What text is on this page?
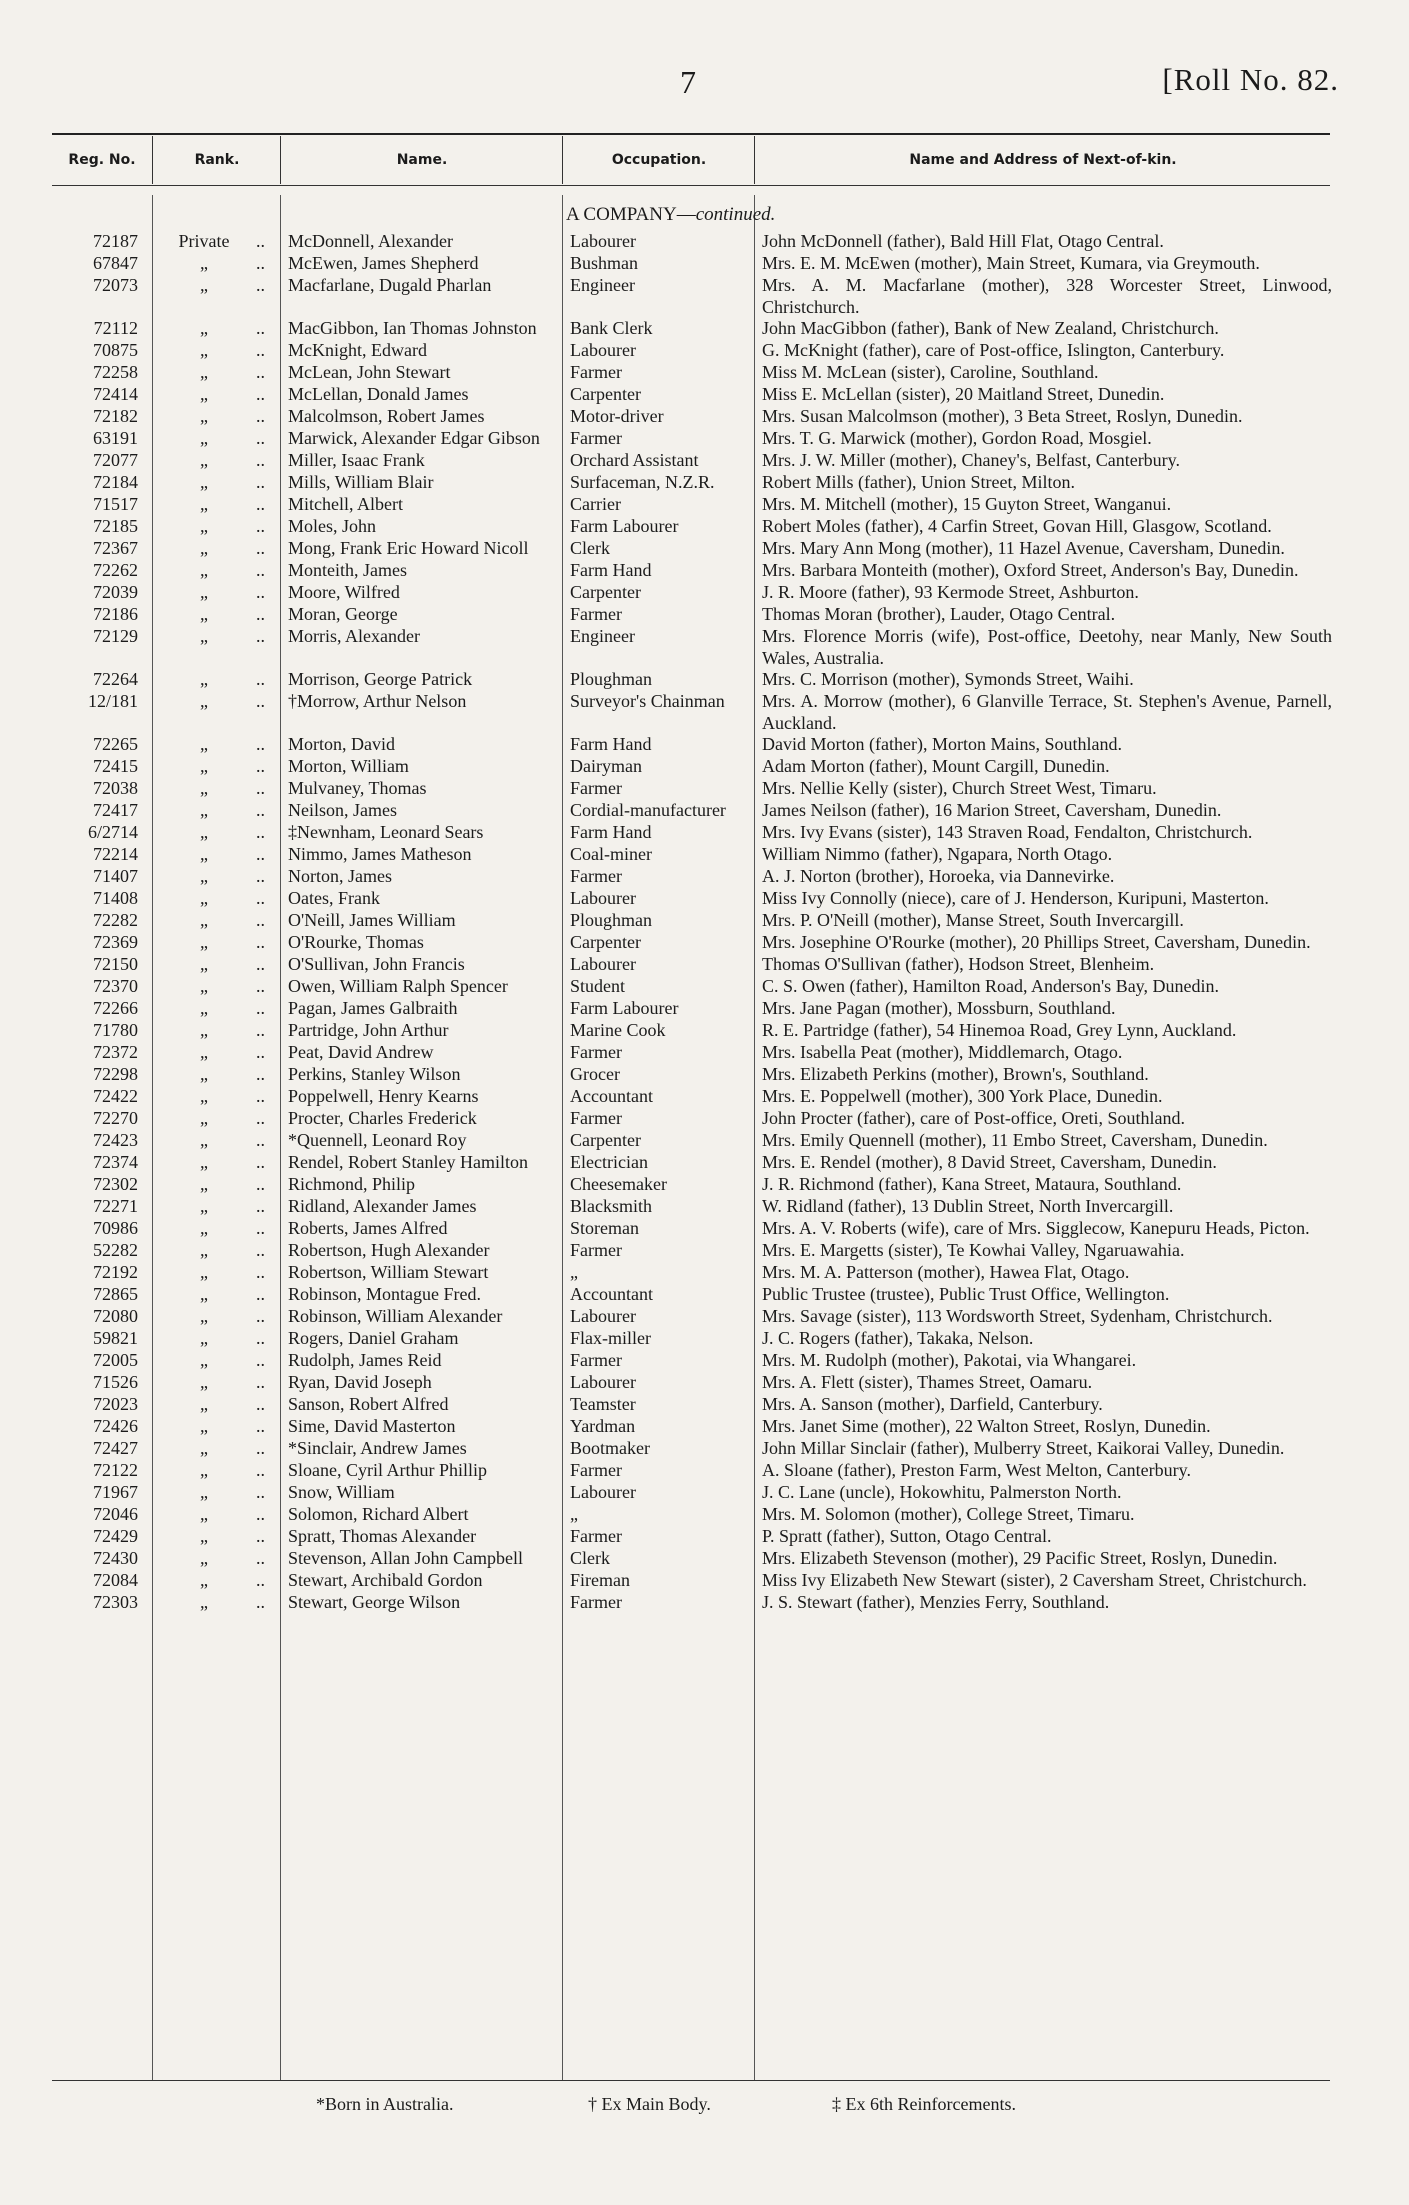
7	[Roll No. 82.
Reg. No.	Rank.	Name.	Occupation.	Name and Address of Next-of-kin.
A COMPANY—continued.
72187	Private ..	McDonnell, Alexander	Labourer	John McDonnell (father), Bald Hill Flat, Otago Central.
67847	„	..	McEwen, James Shepherd	Bushman	Mrs. E. M. McEwen (mother), Main Street, Kumara, via Greymouth.
72073	„	..	Macfarlane, Dugald Pharlan	Engineer	Mrs. A. M. Macfarlane (mother), 328 Worcester Street, Linwood, Christchurch.
72112	„	..	MacGibbon, Ian Thomas Johnston	Bank Clerk	John MacGibbon (father), Bank of New Zealand, Christchurch.
70875	„	..	McKnight, Edward	Labourer	G. McKnight (father), care of Post-office, Islington, Canterbury.
72258	„	..	McLean, John Stewart	Farmer	Miss M. McLean (sister), Caroline, Southland.
72414	„	..	McLellan, Donald James	Carpenter	Miss E. McLellan (sister), 20 Maitland Street, Dunedin.
72182	„	..	Malcolmson, Robert James	Motor-driver	Mrs. Susan Malcolmson (mother), 3 Beta Street, Roslyn, Dunedin.
63191	„	..	Marwick, Alexander Edgar Gibson	Farmer	Mrs. T. G. Marwick (mother), Gordon Road, Mosgiel.
72077	„	..	Miller, Isaac Frank	Orchard Assistant	Mrs. J. W. Miller (mother), Chaney's, Belfast, Canterbury.
72184	„	..	Mills, William Blair	Surfaceman, N.Z.R.	Robert Mills (father), Union Street, Milton.
71517	„	..	Mitchell, Albert	Carrier	Mrs. M. Mitchell (mother), 15 Guyton Street, Wanganui.
72185	„	..	Moles, John	Farm Labourer	Robert Moles (father), 4 Carfin Street, Govan Hill, Glasgow, Scotland.
72367	„	..	Mong, Frank Eric Howard Nicoll	Clerk	Mrs. Mary Ann Mong (mother), 11 Hazel Avenue, Caversham, Dunedin.
72262	„	..	Monteith, James	Farm Hand	Mrs. Barbara Monteith (mother), Oxford Street, Anderson's Bay, Dunedin.
72039	„	..	Moore, Wilfred	Carpenter	J. R. Moore (father), 93 Kermode Street, Ashburton.
72186	„	..	Moran, George	Farmer	Thomas Moran (brother), Lauder, Otago Central.
72129	„	..	Morris, Alexander	Engineer	Mrs. Florence Morris (wife), Post-office, Deetohy, near Manly, New South Wales, Australia.
72264	„	..	Morrison, George Patrick	Ploughman	Mrs. C. Morrison (mother), Symonds Street, Waihi.
12/181	„	..	†Morrow, Arthur Nelson	Surveyor's Chainman	Mrs. A. Morrow (mother), 6 Glanville Terrace, St. Stephen's Avenue, Parnell, Auckland.
72265	„	..	Morton, David	Farm Hand	David Morton (father), Morton Mains, Southland.
72415	„	..	Morton, William	Dairyman	Adam Morton (father), Mount Cargill, Dunedin.
72038	„	..	Mulvaney, Thomas	Farmer	Mrs. Nellie Kelly (sister), Church Street West, Timaru.
72417	„	..	Neilson, James	Cordial-manufacturer	James Neilson (father), 16 Marion Street, Caversham, Dunedin.
6/2714	„	..	‡Newnham, Leonard Sears	Farm Hand	Mrs. Ivy Evans (sister), 143 Straven Road, Fendalton, Christchurch.
72214	„	..	Nimmo, James Matheson	Coal-miner	William Nimmo (father), Ngapara, North Otago.
71407	„	..	Norton, James	Farmer	A. J. Norton (brother), Horoeka, via Dannevirke.
71408	„	..	Oates, Frank	Labourer	Miss Ivy Connolly (niece), care of J. Henderson, Kuripuni, Masterton.
72282	„	..	O'Neill, James William	Ploughman	Mrs. P. O'Neill (mother), Manse Street, South Invercargill.
72369	„	..	O'Rourke, Thomas	Carpenter	Mrs. Josephine O'Rourke (mother), 20 Phillips Street, Caversham, Dunedin.
72150	„	..	O'Sullivan, John Francis	Labourer	Thomas O'Sullivan (father), Hodson Street, Blenheim.
72370	„	..	Owen, William Ralph Spencer	Student	C. S. Owen (father), Hamilton Road, Anderson's Bay, Dunedin.
72266	„	..	Pagan, James Galbraith	Farm Labourer	Mrs. Jane Pagan (mother), Mossburn, Southland.
71780	„	..	Partridge, John Arthur	Marine Cook	R. E. Partridge (father), 54 Hinemoa Road, Grey Lynn, Auckland.
72372	„	..	Peat, David Andrew	Farmer	Mrs. Isabella Peat (mother), Middlemarch, Otago.
72298	„	..	Perkins, Stanley Wilson	Grocer	Mrs. Elizabeth Perkins (mother), Brown's, Southland.
72422	„	..	Poppelwell, Henry Kearns	Accountant	Mrs. E. Poppelwell (mother), 300 York Place, Dunedin.
72270	„	..	Procter, Charles Frederick	Farmer	John Procter (father), care of Post-office, Oreti, Southland.
72423	„	..	*Quennell, Leonard Roy	Carpenter	Mrs. Emily Quennell (mother), 11 Embo Street, Caversham, Dunedin.
72374	„	..	Rendel, Robert Stanley Hamilton	Electrician	Mrs. E. Rendel (mother), 8 David Street, Caversham, Dunedin.
72302	„	..	Richmond, Philip	Cheesemaker	J. R. Richmond (father), Kana Street, Mataura, Southland.
72271	„	..	Ridland, Alexander James	Blacksmith	W. Ridland (father), 13 Dublin Street, North Invercargill.
70986	„	..	Roberts, James Alfred	Storeman	Mrs. A. V. Roberts (wife), care of Mrs. Sigglecow, Kanepuru Heads, Picton.
52282	„	..	Robertson, Hugh Alexander	Farmer	Mrs. E. Margetts (sister), Te Kowhai Valley, Ngaruawahia.
72192	„	..	Robertson, William Stewart	„	Mrs. M. A. Patterson (mother), Hawea Flat, Otago.
72865	„	..	Robinson, Montague Fred.	Accountant	Public Trustee (trustee), Public Trust Office, Wellington.
72080	„	..	Robinson, William Alexander	Labourer	Mrs. Savage (sister), 113 Wordsworth Street, Sydenham, Christchurch.
59821	„	..	Rogers, Daniel Graham	Flax-miller	J. C. Rogers (father), Takaka, Nelson.
72005	„	..	Rudolph, James Reid	Farmer	Mrs. M. Rudolph (mother), Pakotai, via Whangarei.
71526	„	..	Ryan, David Joseph	Labourer	Mrs. A. Flett (sister), Thames Street, Oamaru.
72023	„	..	Sanson, Robert Alfred	Teamster	Mrs. A. Sanson (mother), Darfield, Canterbury.
72426	„	..	Sime, David Masterton	Yardman	Mrs. Janet Sime (mother), 22 Walton Street, Roslyn, Dunedin.
72427	„	..	*Sinclair, Andrew James	Bootmaker	John Millar Sinclair (father), Mulberry Street, Kaikorai Valley, Dunedin.
72122	„	..	Sloane, Cyril Arthur Phillip	Farmer	A. Sloane (father), Preston Farm, West Melton, Canterbury.
71967	„	..	Snow, William	Labourer	J. C. Lane (uncle), Hokowhitu, Palmerston North.
72046	„	..	Solomon, Richard Albert	„	Mrs. M. Solomon (mother), College Street, Timaru.
72429	„	..	Spratt, Thomas Alexander	Farmer	P. Spratt (father), Sutton, Otago Central.
72430	„	..	Stevenson, Allan John Campbell	Clerk	Mrs. Elizabeth Stevenson (mother), 29 Pacific Street, Roslyn, Dunedin.
72084	„	..	Stewart, Archibald Gordon	Fireman	Miss Ivy Elizabeth New Stewart (sister), 2 Caversham Street, Christchurch.
72303	„	..	Stewart, George Wilson	Farmer	J. S. Stewart (father), Menzies Ferry, Southland.
*Born in Australia.	† Ex Main Body.	‡ Ex 6th Reinforcements.
